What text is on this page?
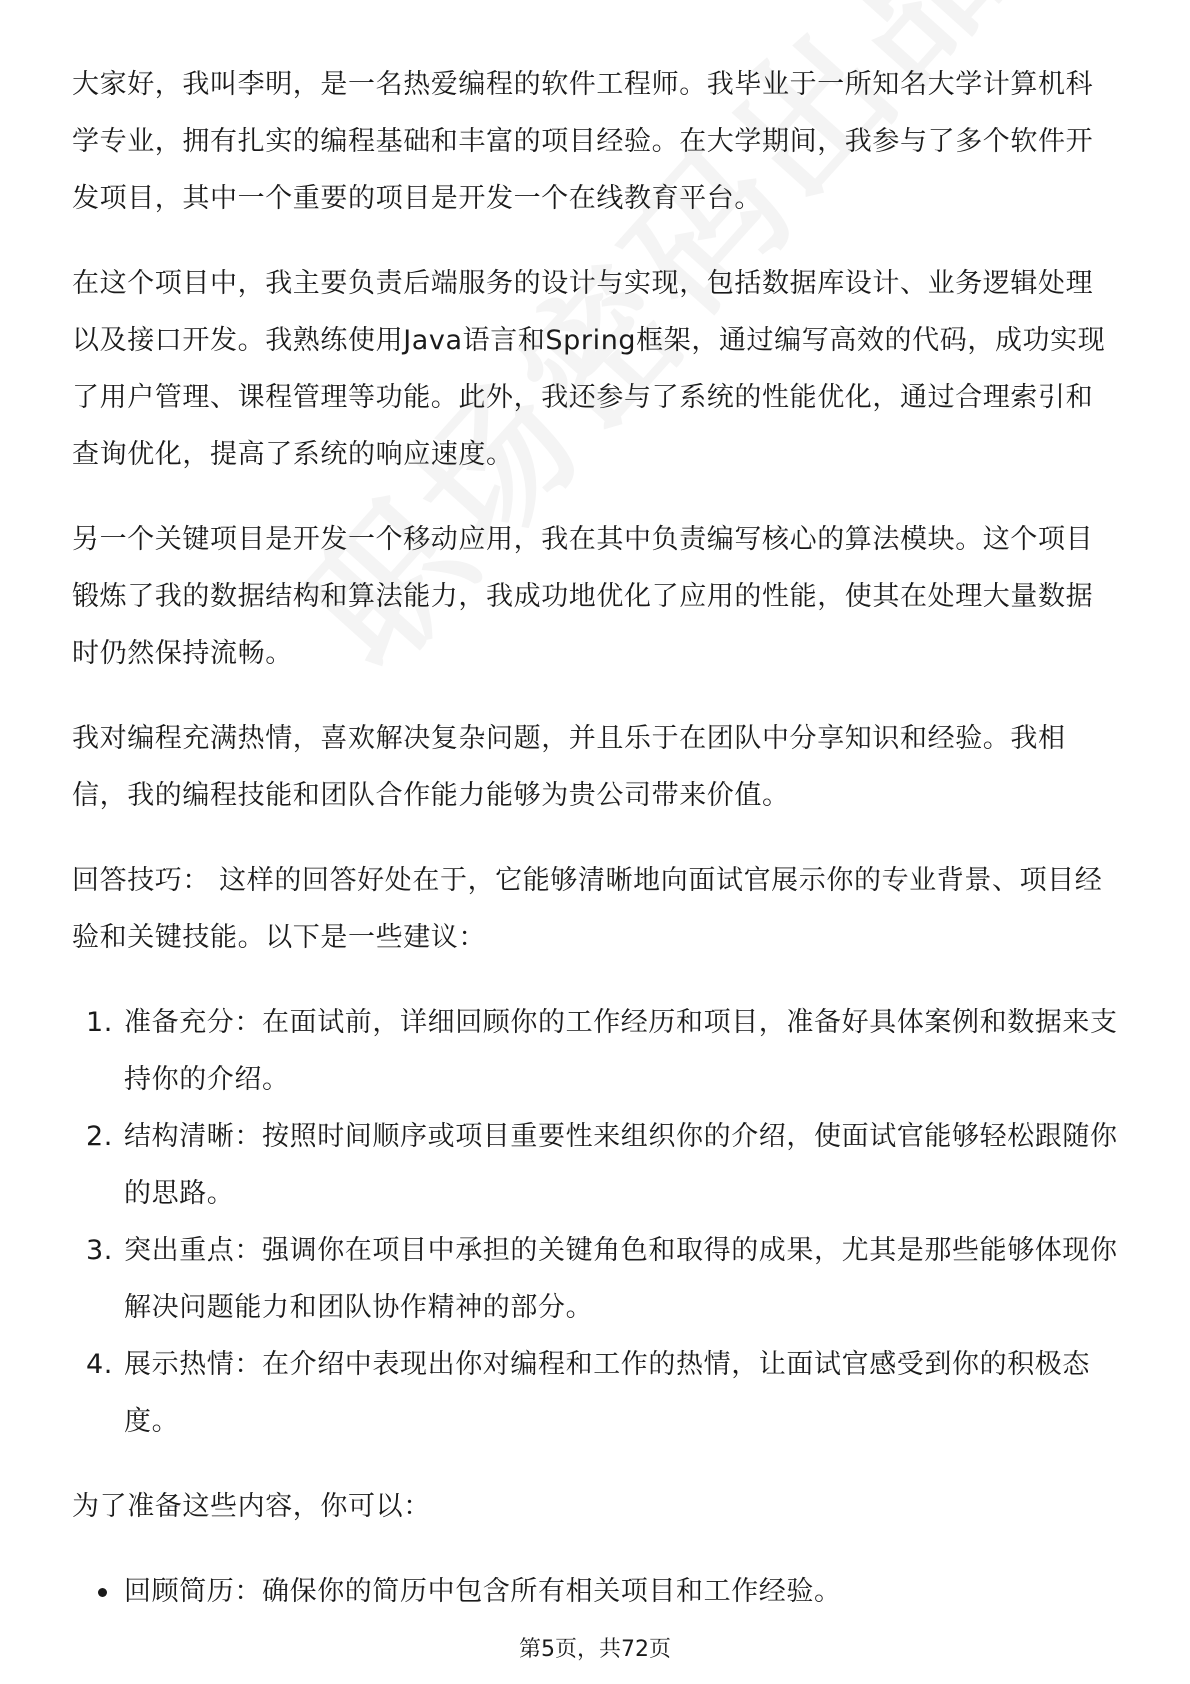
大家好，我叫李明，是一名热爱编程的软件工程师。我毕业于一所知名大学计算机科学专业，拥有扎实的编程基础和丰富的项目经验。在大学期间，我参与了多个软件开发项目，其中一个重要的项目是开发一个在线教育平台。

在这个项目中，我主要负责后端服务的设计与实现，包括数据库设计、业务逻辑处理以及接口开发。我熟练使用Java语言和Spring框架，通过编写高效的代码，成功实现了用户管理、课程管理等功能。此外，我还参与了系统的性能优化，通过合理索引和查询优化，提高了系统的响应速度。

另一个关键项目是开发一个移动应用，我在其中负责编写核心的算法模块。这个项目锻炼了我的数据结构和算法能力，我成功地优化了应用的性能，使其在处理大量数据时仍然保持流畅。

我对编程充满热情，喜欢解决复杂问题，并且乐于在团队中分享知识和经验。我相信，我的编程技能和团队合作能力能够为贵公司带来价值。

回答技巧： 这样的回答好处在于，它能够清晰地向面试官展示你的专业背景、项目经验和关键技能。以下是一些建议：

1. 准备充分：在面试前，详细回顾你的工作经历和项目，准备好具体案例和数据来支持你的介绍。
2. 结构清晰：按照时间顺序或项目重要性来组织你的介绍，使面试官能够轻松跟随你的思路。
3. 突出重点：强调你在项目中承担的关键角色和取得的成果，尤其是那些能够体现你解决问题能力和团队协作精神的部分。
4. 展示热情：在介绍中表现出你对编程和工作的热情，让面试官感受到你的积极态度。

为了准备这些内容，你可以：

回顾简历：确保你的简历中包含所有相关项目和工作经验。
第5页，共72页
